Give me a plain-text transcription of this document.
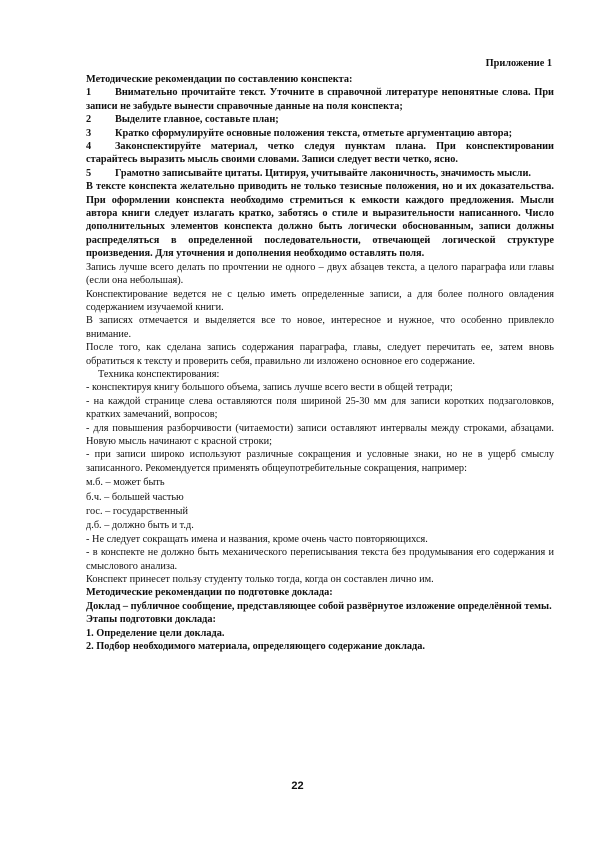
Приложение 1

Методические рекомендации по составлению конспекта:

1 Внимательно прочитайте текст. Уточните в справочной литературе непонятные слова. При записи не забудьте вынести справочные данные на поля конспекта;

2 Выделите главное, составьте план;

3 Кратко сформулируйте основные положения текста, отметьте аргументацию автора;

4 Законспектируйте материал, четко следуя пунктам плана. При конспектировании старайтесь выразить мысль своими словами. Записи следует вести четко, ясно.

5 Грамотно записывайте цитаты. Цитируя, учитывайте лаконичность, значимость мысли.

В тексте конспекта желательно приводить не только тезисные положения, но и их доказательства. При оформлении конспекта необходимо стремиться к емкости каждого предложения. Мысли автора книги следует излагать кратко, заботясь о стиле и выразительности написанного. Число дополнительных элементов конспекта должно быть логически обоснованным, записи должны распределяться в определенной последовательности, отвечающей логической структуре произведения. Для уточнения и дополнения необходимо оставлять поля.

Запись лучше всего делать по прочтении не одного – двух абзацев текста, а целого параграфа или главы (если она небольшая).

Конспектирование ведется не с целью иметь определенные записи, а для более полного овладения содержанием изучаемой книги.

В записях отмечается и выделяется все то новое, интересное и нужное, что особенно привлекло внимание.

После того, как сделана запись содержания параграфа, главы, следует перечитать ее, затем вновь обратиться к тексту и проверить себя, правильно ли изложено основное его содержание.

Техника конспектирования:

- конспектируя книгу большого объема, запись лучше всего вести в общей тетради;

- на каждой странице слева оставляются поля шириной 25-30 мм для записи коротких подзаголовков, кратких замечаний, вопросов;

- для повышения разборчивости (читаемости) записи оставляют интервалы между строками, абзацами. Новую мысль начинают с красной строки;

- при записи широко используют различные сокращения и условные знаки, но не в ущерб смыслу записанного. Рекомендуется применять общеупотребительные сокращения, например:

м.б. – может быть

б.ч. – большей частью

гос. – государственный

д.б. – должно быть и т.д.

- Не следует сокращать имена и названия, кроме очень часто повторяющихся.

- в конспекте не должно быть механического переписывания текста без продумывания его содержания и смыслового анализа.

Конспект принесет пользу студенту только тогда, когда он составлен лично им.

Методические рекомендации по подготовке доклада:

Доклад – публичное сообщение, представляющее собой развёрнутое изложение определённой темы.

Этапы подготовки доклада:

1. Определение цели доклада.

2. Подбор необходимого материала, определяющего содержание доклада.

22
